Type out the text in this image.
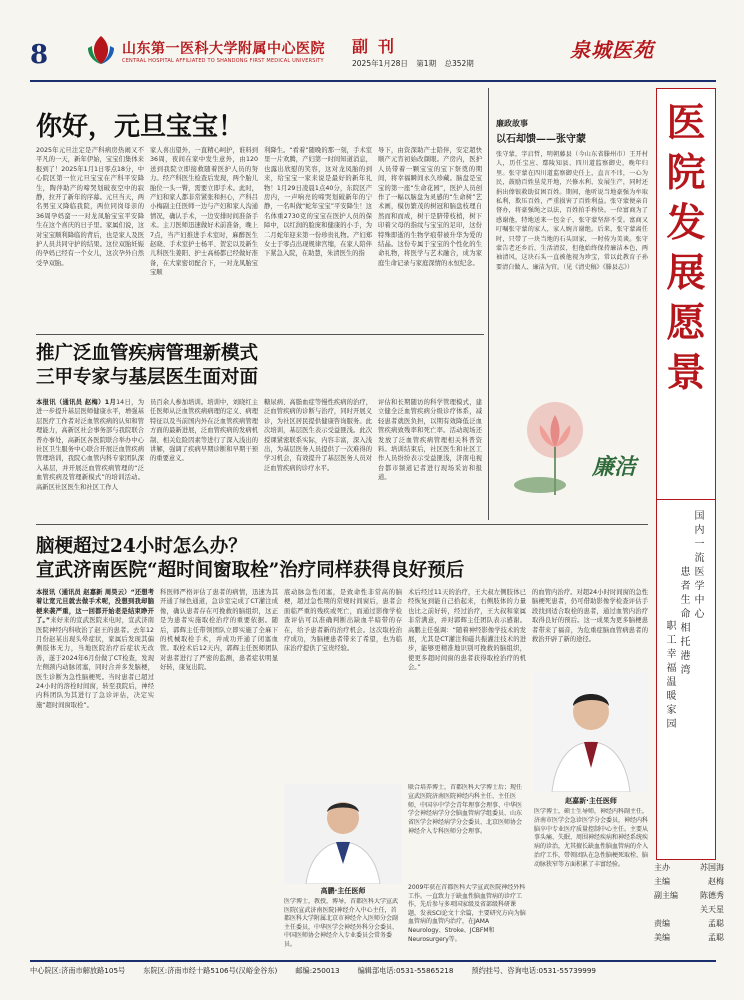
8	山东第一医科大学附属中心医院
CENTRAL HOSPITAL AFFILIATED TO SHANDONG FIRST MEDICAL UNIVERSITY
副刊
2025年1月28日 第1期 总352期
泉城医苑
你好，元旦宝宝！
2025年元旦注定是产科病房热闹又不平凡的一天，新年伊始，宝宝们集体来报到了！2025年1月1日零点18分，中心院区第一位元旦宝宝在产科平安降生，陶萍助产的啼哭划破夜空中的寂静，拉开了新年的序幕。元旦当天，两名男宝又降临我院，两位同岗母亲的36周孕妈蛮一一对龙凤胎宝宝平安降生在这个喜庆的日子里。家属们说，这对宝宝顺利降临的背后，也是家人及医护人员共同守护的结果。这位双胎妊娠的孕妈已经有一个女儿，这次孕外自然受孕双胎。
家人喜出望外，一直精心呵护，谁料到36周，夜间在家中发生意外，由120送到我院立即接救随着医护人员的努力。经产科医生检查后发现，两个胎儿胎位一头一臀，需要立即手术。此时，产妇和家人都非常紧张和担心，产科吕小梅副主任医师一边与产妇和家人沟通情况，确认手术，一边安排时间准备手术。主刀医师迅速做好术前准备，晚上7点，当产妇推进手术室时，麻醉医生赵晓、手术室护士杨平、贺宏以及新生儿科医生姜阳、护士高杨都已经做好准备，在大家密切配合下，一对龙凤胎宝宝顺
利降生。“看着”随晚的那一刻，手术室里一片欢腾，产妇第一时间知道消息，也露出欣慰的笑容，这对龙凤胎的到来，给宝宝一家来说是最好的新年礼物！1月29日凌晨1点40分，东院区产房内，一声响亮的啼哭划破新年的宁静，一名叫做“蛇年宝宝”平安降生！这名体重2730克的宝宝在医护人员的保障中，以红润的脸庞和健康的小手，为二月蛇年迎来第一份珍贵礼物。产妇郑女士于零点出现规律宫缩，在家人陪伴下紧急入院，在助慧，朱清医生的指
导下，由资深助产士陪伴，安定超快顺产元宵初始改颜眼。产房内，医护人员带着一颗宝宝的宝下祭奠的期间，将幸福瞬间永久珍藏。脑盘是宝宝的第一座“生命花园”，医护人员创作了一幅以脑盘为灵感的“生命树”艺术画，模仿繁茂的树冠和脑盘枝理自然而和而成，树干是脐带枝梢，树下印着父母的指纹与宝宝的足印，这份特殊即逝的生物学痕带被升华为爱的结晶。这份专属于宝宝的个性化的生命礼物，将医学与艺术融合，成为家庭生命记录与家庭深情的永恒纪念。
廉政故事
以石却馈——张守蒙
张守蒙，字启哲，明朝藤县（今山东省滕州市）王开村人，历任宝应、鄢陵知县、四川道监察御史，晚年归里。张守蒙在四川道监察御史任上，直言不讳，一心为民，鼓励百姓垦荒开地，兴修水利、发展生产，同时还捐出俸银救助贫困百姓。期间，他听说当地豪强为牟取私利，欺压百姓，严重损害了百姓利益。张守蒙便亲自督办，将豪强绳之以法，百姓拍手称快。一位富商为了感谢他，特地送来一包金子，张守蒙坚辞不受。富商又叮嘱张守蒙的家人，家人婉言谢绝。后来，张守蒙离任时，只带了一块当地的石头回家，一时传为美谈。张守蒙告老还乡后，生活清贫，但他始终保持廉洁本色，两袖清风，这块石头一直被他视为珍宝，常以此教育子孙要清白做人、廉洁为官。（见《清史稿》《滕县志》）
廉洁
医院发展愿景
国内一流医学中心
患者生命相托港湾
职工幸福温暖家园
推广泛血管疾病管理新模式
三甲专家与基层医生面对面
本报讯（通讯员 赵梅）1月14日，为进一步提升基层医师健康水平，增强基层医疗工作者对泛血管疾病的认知和管理能力，高新区社会事务部与我院联合普办事处，高新区各医院联合举办中心社区卫生服务中心联合开展泛血管疾病管理培训，我院心血管内科专家团队深入基层，并开展泛血管疾病管理的“泛血管疾病及管理新模式”的培训活动。高新区社区医生和社区工作人
员百余人参加培训。培训中，刘晓红主任医师从泛血管疾病病理的定义、病理特征以及当前国内外在泛血管疾病管理方面的最新进展，泛血管疾病的发病机制、相关危险因素等进行了深入浅出的讲解，强调了疾病早期诊断和早期干预的重要意义。
糖尿病、高脂血症等慢性疾病的治疗，泛血管疾病的诊断与治疗，同时开展义诊，为社区居民提供健康咨询服务。此次培训，基层医生表示受益匪浅。此次授课紧密联系实际，内容丰富，深入浅出，为基层医务人员提供了一次难得的学习机会，有效提升了基层医务人员对泛血管疾病的诊疗水平。
评估和长期随访的科学管理模式，建立健全泛血管疾病分级诊疗体系，减轻患者就医负担，以期有效降低泛血管疾病致残率和死亡率。活动现场还发放了泛血管疾病管理相关科普资料。培训结束后，社区医生和社区工作人员纷纷表示受益匪浅，济南电视台都市频道记者进行现场采访和报道。
脑梗超过24小时怎么办？
宣武济南医院“超时间窗取栓”治疗同样获得良好预后
本报讯（通讯员 赵嘉新 周昊云）“还想考着让宽元旦就去做手术呢，没想到我却脑梗来袭严重，这一回都开始老是结束睁开了。”来好来的宣武医院来电时，宣武济南医院神经内科收治了赵王的患者。去年12月份赵某出现头晕症状，家属后发现其偏侧肢体无力，当地医院治疗后症状无改善，遂于2024年6月份做了CT检查，发现左侧颈内动脉闭塞，同时合并多发脑梗，医生诊断为急性脑梗死。当时患者已超过24小时的溶栓时间窗，转至我院后，神经内科团队为其进行了急诊评估，决定实施“超时间窗取栓”。
科医师严格评估了患者的病情，迅速为其开通了绿色通道，急诊室完成了CT灌注成像，确认患者存在可挽救的脑组织，这正是为患者实施取栓治疗的重要依据。随后，郭辉主任带领团队立即实施了全麻下的机械取栓手术，并成功开通了闭塞血管。取栓术后12天内，郭辉主任医师团队对患者进行了严密的监测，患者症状明显好转，康复出院。
底动脉急性闭塞，是致命性非常高的脑梗，超过急性期的常规时间窗后，患者会面临严重的残疾或死亡，而通过影像学检查评估可以准确判断出缺血半暗带的存在，给予患者新的治疗机会。这次取栓治疗成功，为脑梗患者带来了希望，也为临床治疗提供了宝贵经验。
术后经过11天的治疗，王大叔左侧肢体已经恢复到能自己拾起来，右侧肢体的力量也比之前好转，经过治疗，王大叔和家属非常满意，并对郭辉主任团队表示感谢。高鹏主任强调：“随着神经影像学技术的发展，尤其是CT灌注和磁共振灌注技术的进步，能够更精准地识别可挽救的脑组织，使更多超时间窗的患者获得取栓治疗的机会。”
的血管内治疗。对超24小时时间窗的急性脑梗死患者，仍可借助影像学检查评估手段找到适合取栓的患者，通过血管内治疗取得良好的预后。这一成果为更多脑梗患者带来了福音，为危重症脑血管病患者的救治开辟了新的途径。
高鹏·主任医师
医学博士，教授，博导，首都医科大学宣武医院(宣武济南医院)神经介入中心主任，首都医科大学附属北京市神经介入医师分会副主任委员，中华医学会神经外科分会委员、中国医师协会神经介入专业委员会常务委员。
联合培养博士，首都医科大学博士后；现任宣武医院济南医院神经内科主任、主任医师，中国卒中学会青年理事会理事、中华医学会神经病学分会脑血管病学组委员、山东省医学会神经病学分会委员、北京医师协会神经介入专科医师分会理事。
2009年获在首都医科大学宣武医院神经外科工作。一直致力于缺血性脑血管病的诊疗工作，先后参与多项国家级及省部级科研课题，发表SCI论文十余篇，主要研究方向为脑血管病的血管内治疗，在JAMA Neurology、Stroke、JCBFM和Neurosurgery等。
赵嘉新·主任医师
医学博士，硕士生导师，神经内科副主任，济南市医学会急诊医学分会委员，神经内科脑卒中专业医疗质量控制中心主任。主要从事头痛、失眠、周围神经疾病和神经系统疾病的诊治，尤其擅长缺血性脑血管病的介入治疗工作，带领团队在急性脑梗死取栓、脑动脉狭窄等方面积累了丰富经验。	主办	苏国海
主编	赵梅
副主编	陈德秀
关天星
责编	孟聪
美编	孟聪
中心院区:济南市解放路105号	东院区:济南市经十路5106号(汉峪金谷东)	邮编:250013	编辑部电话:0531-55865218	预约挂号、咨询电话:0531-55739999
